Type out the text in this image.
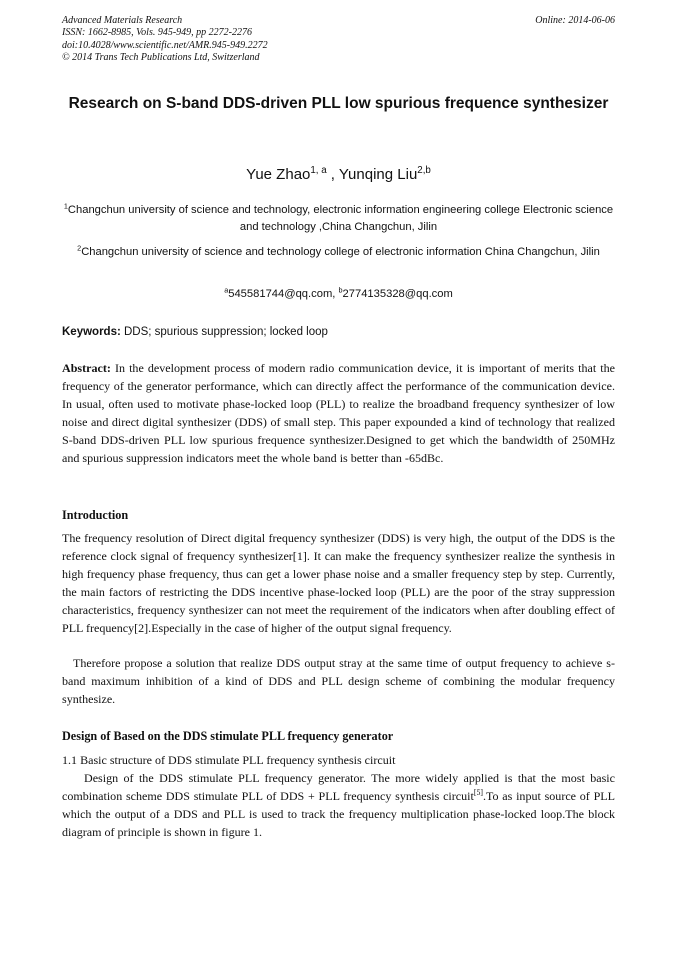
Advanced Materials Research
ISSN: 1662-8985, Vols. 945-949, pp 2272-2276
doi:10.4028/www.scientific.net/AMR.945-949.2272
© 2014 Trans Tech Publications Ltd, Switzerland
Online: 2014-06-06
Research on S-band DDS-driven PLL low spurious frequence synthesizer

Yue Zhao$^{1, a}$ , Yunqing Liu$^{2,b}$

$^1$Changchun university of science and technology, electronic information engineering college Electronic science and technology ,China Changchun, Jilin

$^2$Changchun university of science and technology college of electronic information China Changchun, Jilin

$^a$545581744@qq.com, $^b$2774135328@qq.com

Keywords: DDS; spurious suppression; locked loop

Abstract: In the development process of modern radio communication device, it is important of merits that the frequency of the generator performance, which can directly affect the performance of the communication device. In usual, often used to motivate phase-locked loop (PLL) to realize the broadband frequency synthesizer of low noise and direct digital synthesizer (DDS) of small step. This paper expounded a kind of technology that realized S-band DDS-driven PLL low spurious frequence synthesizer.Designed to get which the bandwidth of 250MHz and spurious suppression indicators meet the whole band is better than -65dBc.

Introduction

The frequency resolution of Direct digital frequency synthesizer (DDS) is very high, the output of the DDS is the reference clock signal of frequency synthesizer[1]. It can make the frequency synthesizer realize the synthesis in high frequency phase frequency, thus can get a lower phase noise and a smaller frequency step by step. Currently, the main factors of restricting the DDS incentive phase-locked loop (PLL) are the poor of the stray suppression characteristics, frequency synthesizer can not meet the requirement of the indicators when after doubling effect of PLL frequency[2].Especially in the case of higher of the output signal frequency.

Therefore propose a solution that realize DDS output stray at the same time of output frequency to achieve s-band maximum inhibition of a kind of DDS and PLL design scheme of combining the modular frequency synthesize.

Design of Based on the DDS stimulate PLL frequency generator

1.1 Basic structure of DDS stimulate PLL frequency synthesis circuit

Design of the DDS stimulate PLL frequency generator. The more widely applied is that the most basic combination scheme DDS stimulate PLL of DDS + PLL frequency synthesis circuit[5].To as input source of PLL which the output of a DDS and PLL is used to track the frequency multiplication phase-locked loop.The block diagram of principle is shown in figure 1.
